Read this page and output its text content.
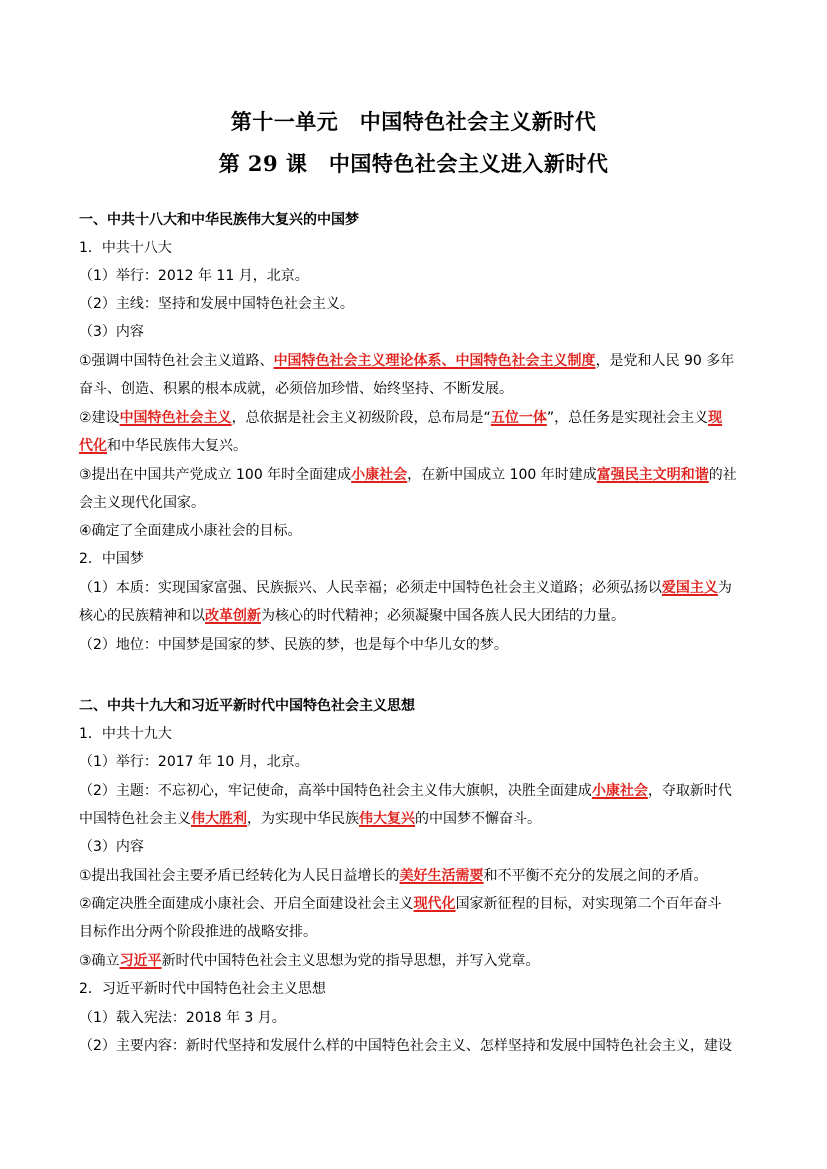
第十一单元　中国特色社会主义新时代
第 29 课　中国特色社会主义进入新时代
一、中共十八大和中华民族伟大复兴的中国梦
1．中共十八大
（1）举行：2012 年 11 月，北京。
（2）主线：坚持和发展中国特色社会主义。
（3）内容
①强调中国特色社会主义道路、中国特色社会主义理论体系、中国特色社会主义制度，是党和人民 90 多年
奋斗、创造、积累的根本成就，必须倍加珍惜、始终坚持、不断发展。
②建设中国特色社会主义，总依据是社会主义初级阶段，总布局是“五位一体”，总任务是实现社会主义现
代化和中华民族伟大复兴。
③提出在中国共产党成立 100 年时全面建成小康社会，在新中国成立 100 年时建成富强民主文明和谐的社
会主义现代化国家。
④确定了全面建成小康社会的目标。
2．中国梦
（1）本质：实现国家富强、民族振兴、人民幸福；必须走中国特色社会主义道路；必须弘扬以爱国主义为
核心的民族精神和以改革创新为核心的时代精神；必须凝聚中国各族人民大团结的力量。
（2）地位：中国梦是国家的梦、民族的梦，也是每个中华儿女的梦。
二、中共十九大和习近平新时代中国特色社会主义思想
1．中共十九大
（1）举行：2017 年 10 月，北京。
（2）主题：不忘初心，牢记使命，高举中国特色社会主义伟大旗帜，决胜全面建成小康社会，夺取新时代
中国特色社会主义伟大胜利，为实现中华民族伟大复兴的中国梦不懈奋斗。
（3）内容
①提出我国社会主要矛盾已经转化为人民日益增长的美好生活需要和不平衡不充分的发展之间的矛盾。
②确定决胜全面建成小康社会、开启全面建设社会主义现代化国家新征程的目标，对实现第二个百年奋斗
目标作出分两个阶段推进的战略安排。
③确立习近平新时代中国特色社会主义思想为党的指导思想，并写入党章。
2．习近平新时代中国特色社会主义思想
（1）载入宪法：2018 年 3 月。
（2）主要内容：新时代坚持和发展什么样的中国特色社会主义、怎样坚持和发展中国特色社会主义，建设
